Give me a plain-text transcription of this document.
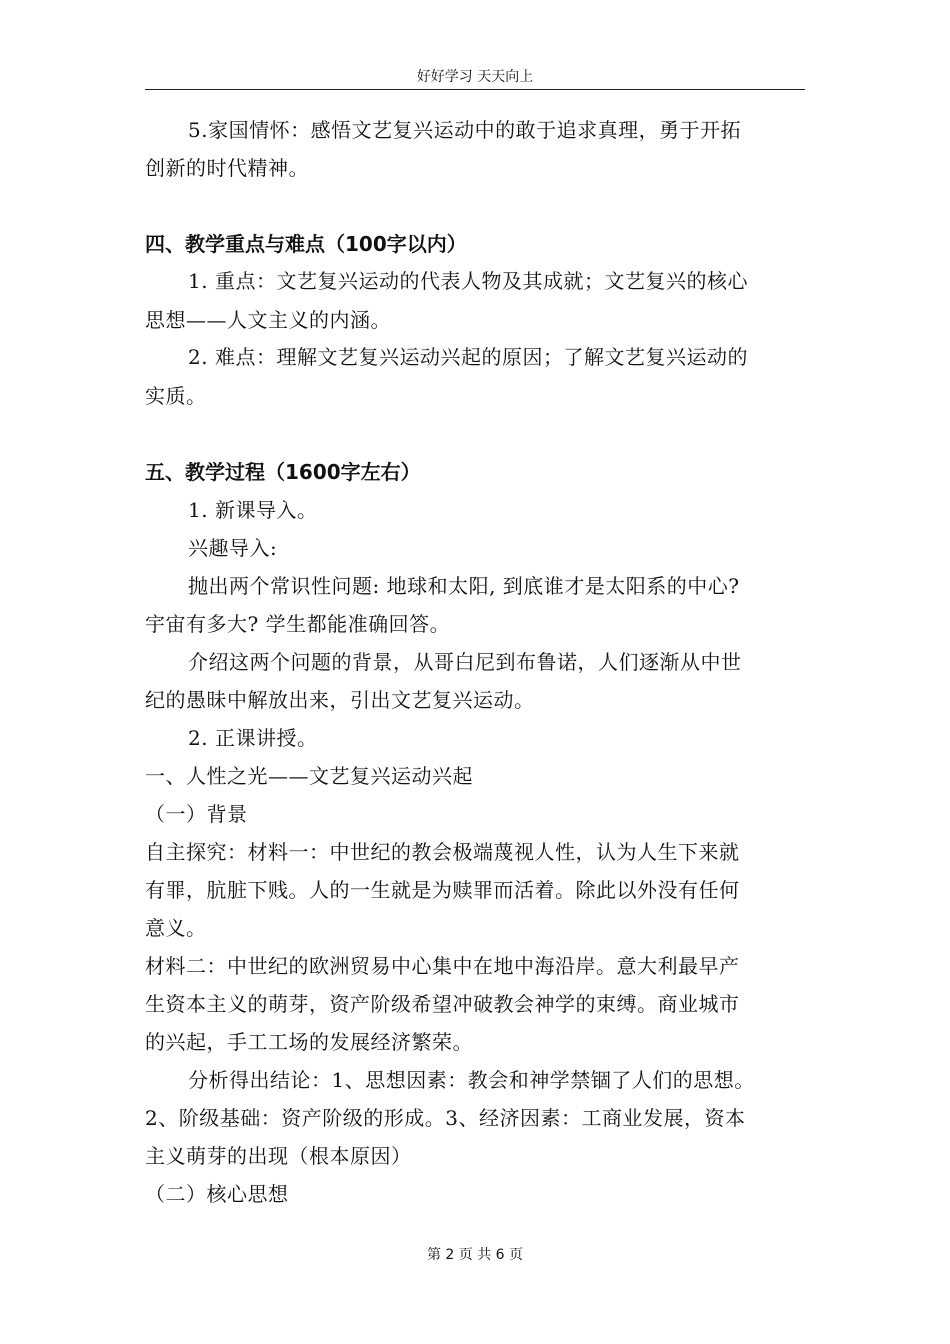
好好学习 天天向上
5.家国情怀：感悟文艺复兴运动中的敢于追求真理，勇于开拓
创新的时代精神。
四、教学重点与难点（100字以内）
1. 重点：文艺复兴运动的代表人物及其成就；文艺复兴的核心
思想——人文主义的内涵。
2. 难点：理解文艺复兴运动兴起的原因；了解文艺复兴运动的
实质。
五、教学过程（1600字左右）
1. 新课导入。
兴趣导入:
抛出两个常识性问题: 地球和太阳, 到底谁才是太阳系的中心?
宇宙有多大? 学生都能准确回答。
介绍这两个问题的背景，从哥白尼到布鲁诺，人们逐渐从中世
纪的愚昧中解放出来，引出文艺复兴运动。
2. 正课讲授。
一、人性之光——文艺复兴运动兴起
（一）背景
自主探究：材料一：中世纪的教会极端蔑视人性，认为人生下来就
有罪，肮脏下贱。人的一生就是为赎罪而活着。除此以外没有任何
意义。
材料二：中世纪的欧洲贸易中心集中在地中海沿岸。意大利最早产
生资本主义的萌芽，资产阶级希望冲破教会神学的束缚。商业城市
的兴起，手工工场的发展经济繁荣。
分析得出结论：1、思想因素：教会和神学禁锢了人们的思想。
2、阶级基础：资产阶级的形成。3、经济因素：工商业发展，资本
主义萌芽的出现（根本原因）
（二）核心思想
第 2 页 共 6 页
